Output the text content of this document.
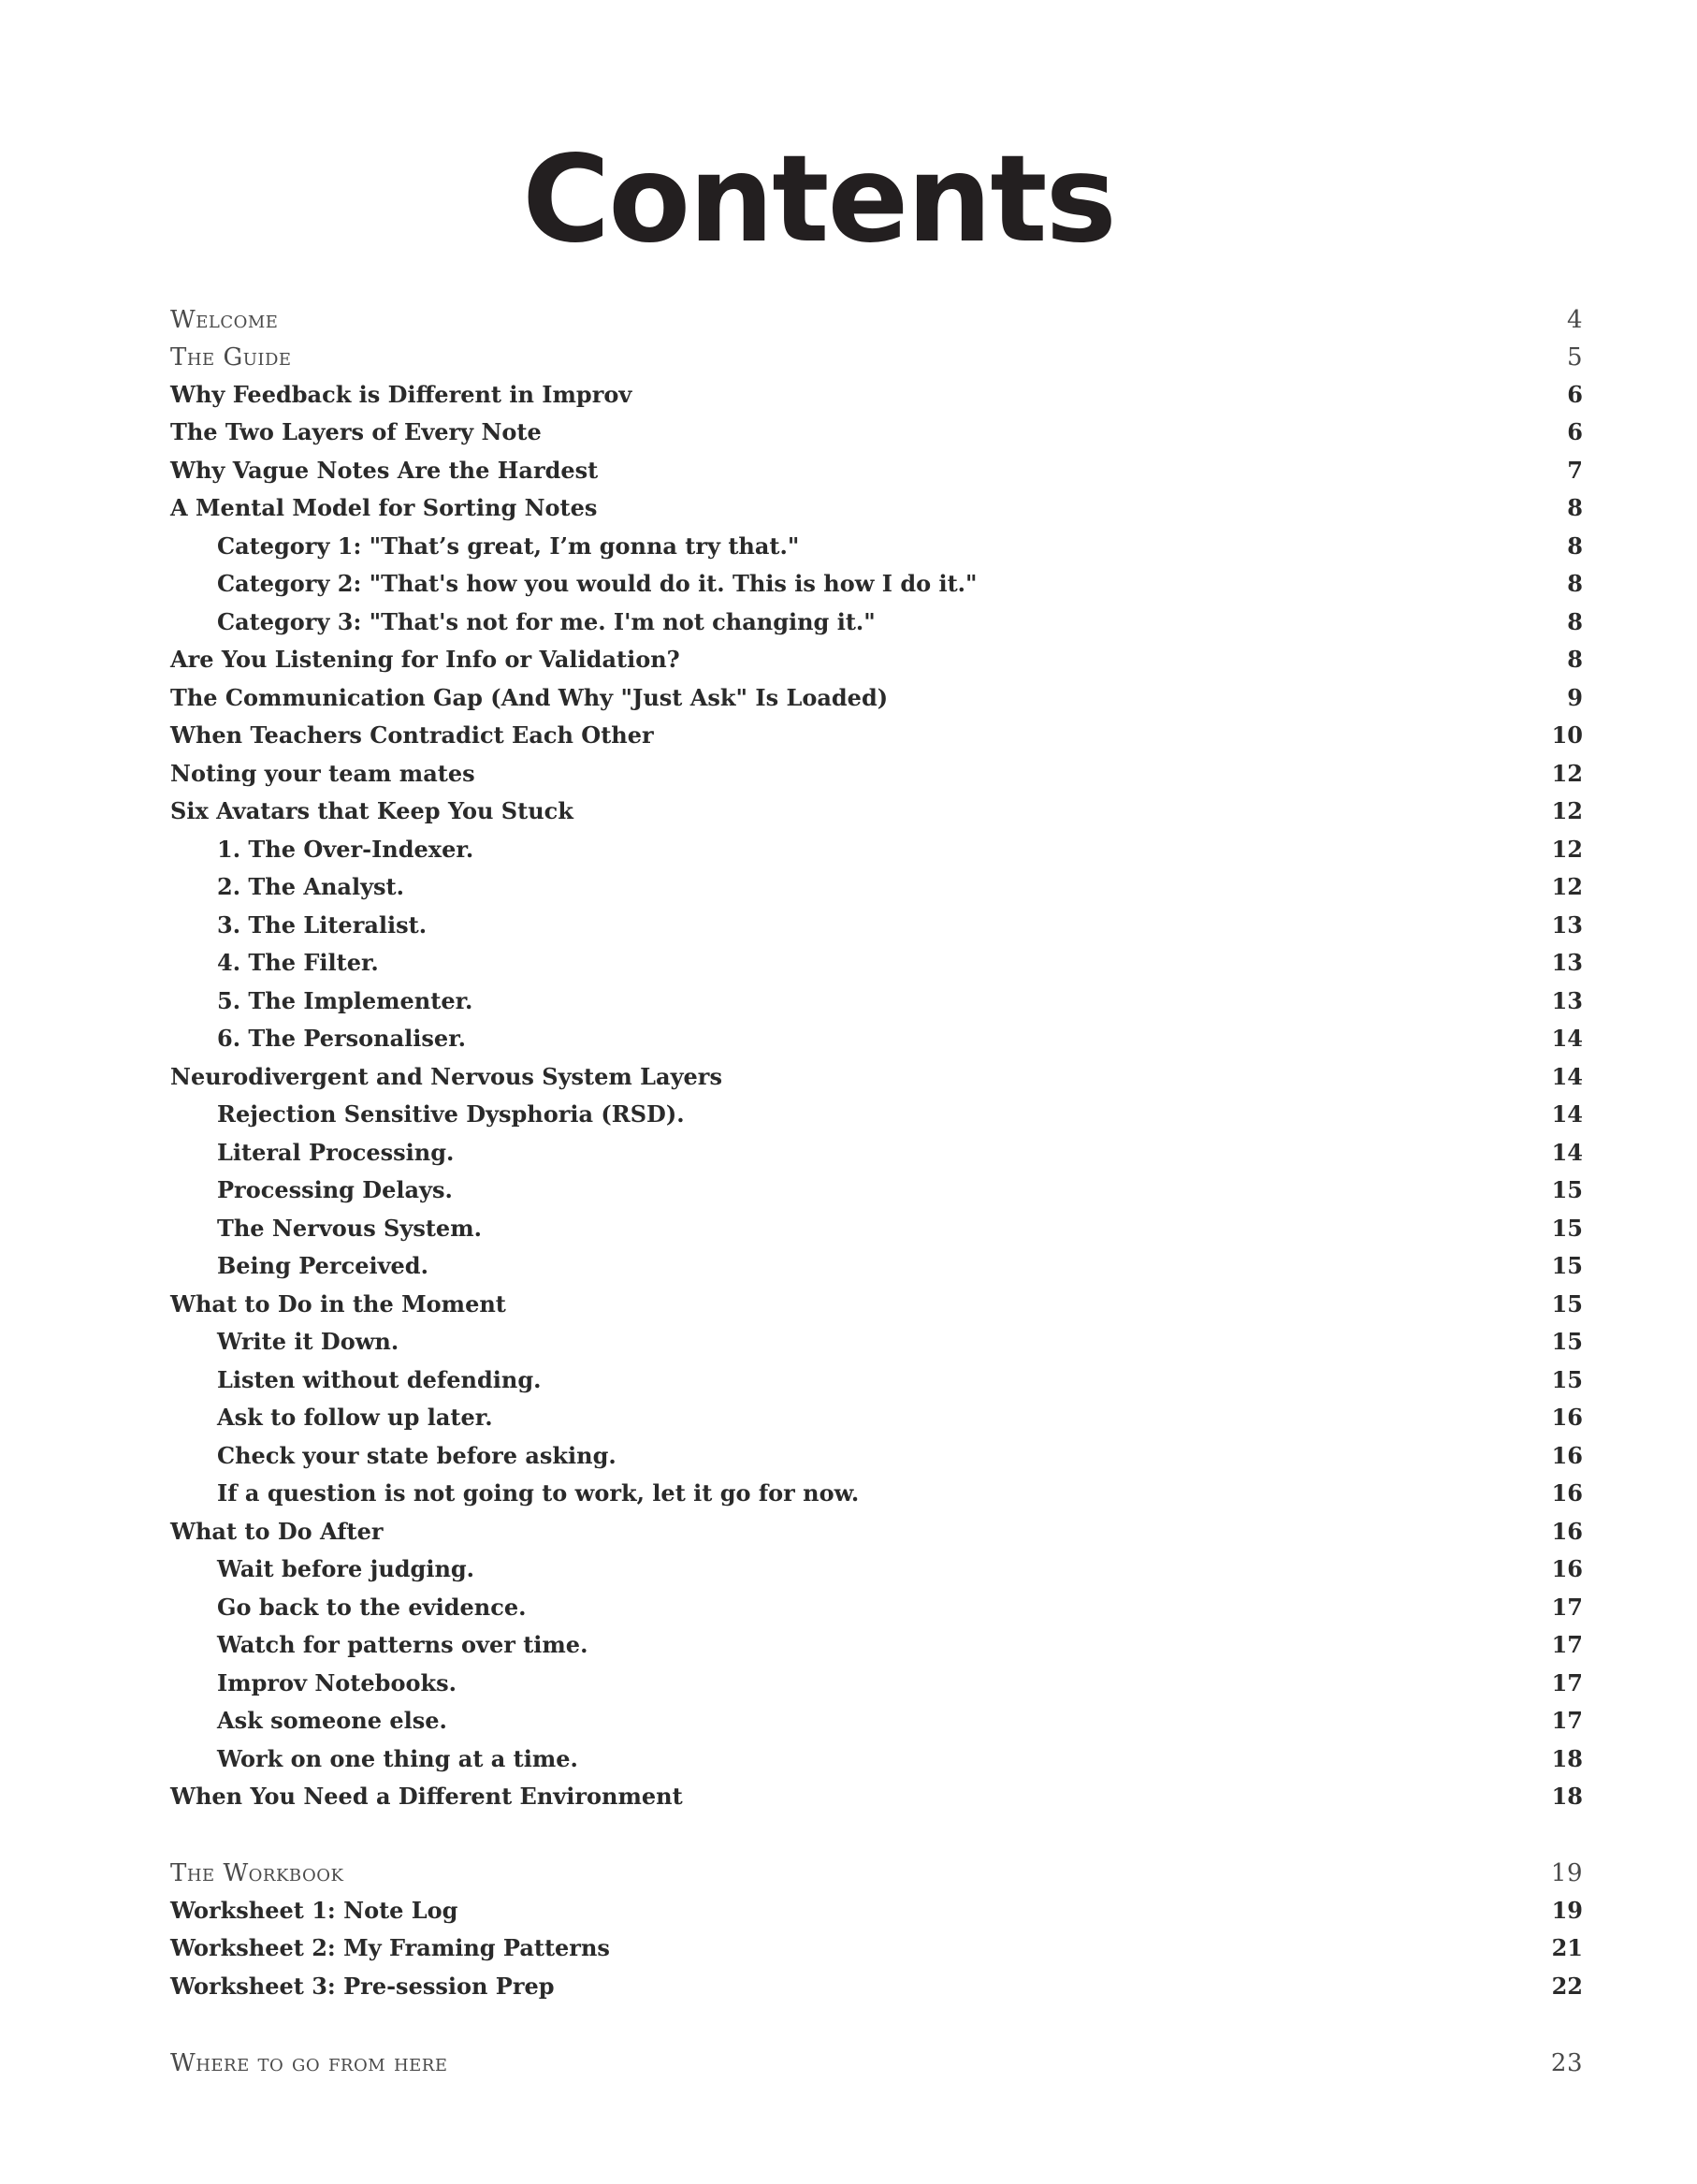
Contents
Welcome	4
The Guide	5
Why Feedback is Different in Improv	6
The Two Layers of Every Note	6
Why Vague Notes Are the Hardest	7
A Mental Model for Sorting Notes	8
Category 1: "That’s great, I’m gonna try that."	8
Category 2: "That's how you would do it. This is how I do it."	8
Category 3: "That's not for me. I'm not changing it."	8
Are You Listening for Info or Validation?	8
The Communication Gap (And Why "Just Ask" Is Loaded)	9
When Teachers Contradict Each Other	10
Noting your team mates	12
Six Avatars that Keep You Stuck	12
1. The Over-Indexer.	12
2. The Analyst.	12
3. The Literalist.	13
4. The Filter.	13
5. The Implementer.	13
6. The Personaliser.	14
Neurodivergent and Nervous System Layers	14
Rejection Sensitive Dysphoria (RSD).	14
Literal Processing.	14
Processing Delays.	15
The Nervous System.	15
Being Perceived.	15
What to Do in the Moment	15
Write it Down.	15
Listen without defending.	15
Ask to follow up later.	16
Check your state before asking.	16
If a question is not going to work, let it go for now.	16
What to Do After	16
Wait before judging.	16
Go back to the evidence.	17
Watch for patterns over time.	17
Improv Notebooks.	17
Ask someone else.	17
Work on one thing at a time.	18
When You Need a Different Environment	18
The Workbook	19
Worksheet 1: Note Log	19
Worksheet 2: My Framing Patterns	21
Worksheet 3: Pre-session Prep	22
Where to go from here	23
